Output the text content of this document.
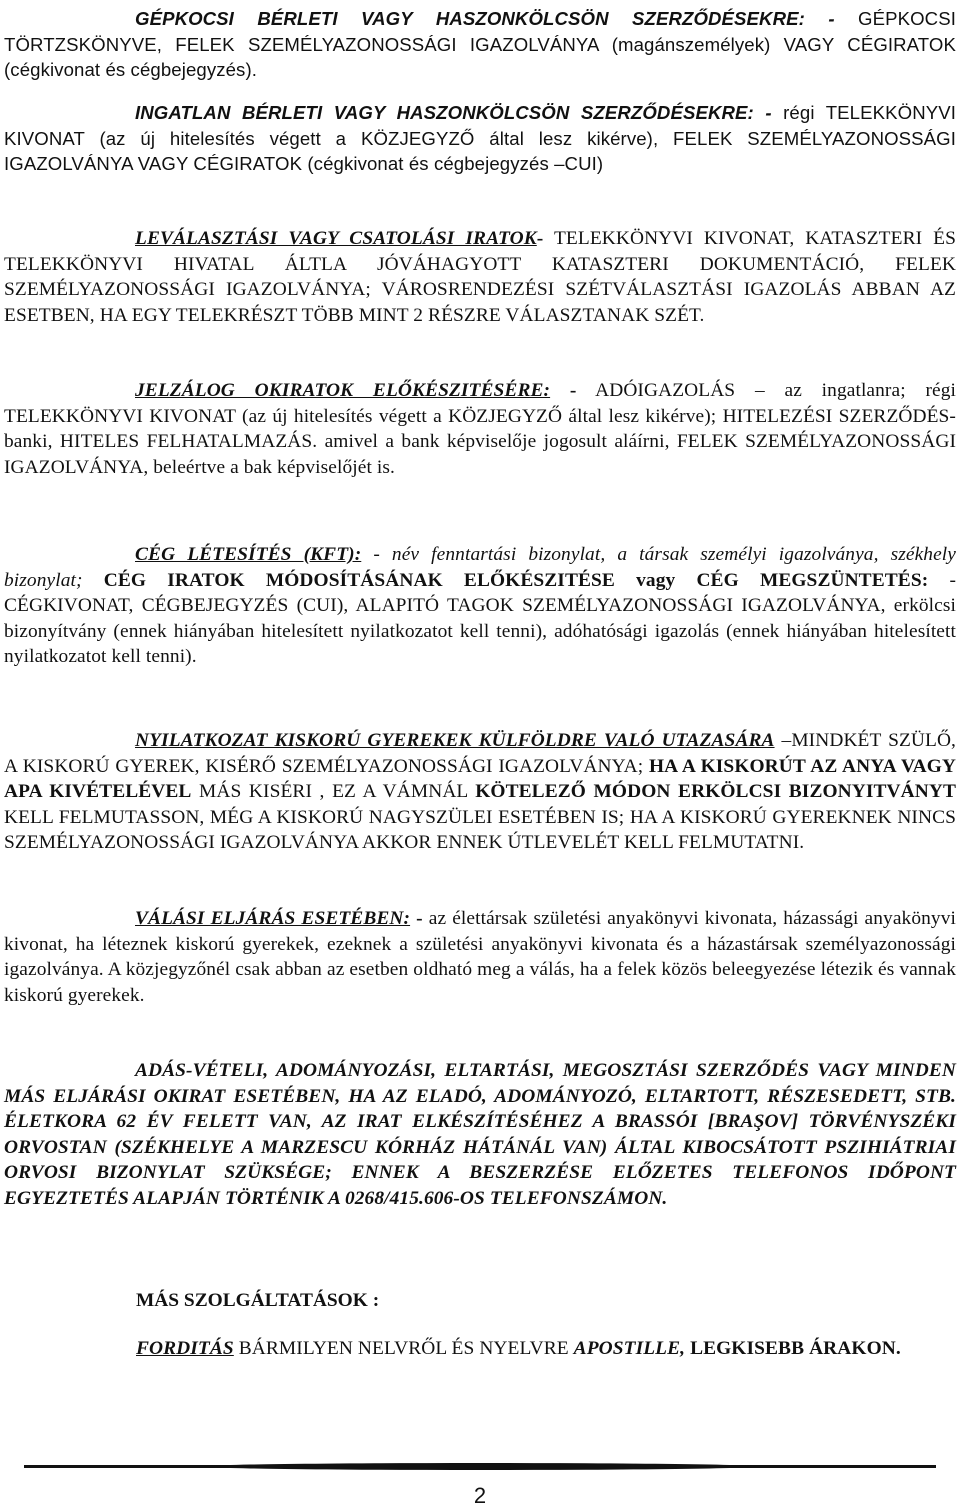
GÉPKOCSI BÉRLETI VAGY HASZONKÖLCSÖN SZERZŐDÉSEKRE: - GÉPKOCSI TÖRTZSKÖNYVE, FELEK SZEMÉLYAZONOSSÁGI IGAZOLVÁNYA (magánszemélyek) VAGY CÉGIRATOK (cégkivonat és cégbejegyzés).
INGATLAN BÉRLETI VAGY HASZONKÖLCSÖN SZERZŐDÉSEKRE: - régi TELEKKÖNYVI KIVONAT (az új hitelesítés végett a KÖZJEGYZŐ által lesz kikérve), FELEK SZEMÉLYAZONOSSÁGI IGAZOLVÁNYA VAGY CÉGIRATOK (cégkivonat és cégbejegyzés –CUI)
LEVÁLASZTÁSI VAGY CSATOLÁSI IRATOK- TELEKKÖNYVI KIVONAT, KATASZTERI ÉS TELEKKÖNYVI HIVATAL ÁLTLA JÓVÁHAGYOTT KATASZTERI DOKUMENTÁCIÓ, FELEK SZEMÉLYAZONOSSÁGI IGAZOLVÁNYA; VÁROSRENDEZÉSI SZÉTVÁLASZTÁSI IGAZOLÁS ABBAN AZ ESETBEN, HA EGY TELEKRÉSZT TÖBB MINT 2 RÉSZRE VÁLASZTANAK SZÉT.
JELZÁLOG OKIRATOK ELŐKÉSZITÉSÉRE: - ADÓIGAZOLÁS – az ingatlanra; régi TELEKKÖNYVI KIVONAT (az új hitelesítés végett a KÖZJEGYZŐ által lesz kikérve); HITELEZÉSI SZERZŐDÉS- banki, HITELES FELHATALMAZÁS. amivel a bank képviselője jogosult aláírni, FELEK SZEMÉLYAZONOSSÁGI IGAZOLVÁNYA, beleértve a bak képviselőjét is.
CÉG LÉTESÍTÉS (KFT): - név fenntartási bizonylat, a társak személyi igazolványa, székhely bizonylat; CÉG IRATOK MÓDOSÍTÁSÁNAK ELŐKÉSZITÉSE vagy CÉG MEGSZÜNTETÉS: - CÉGKIVONAT, CÉGBEJEGYZÉS (CUI), ALAPITÓ TAGOK SZEMÉLYAZONOSSÁGI IGAZOLVÁNYA, erkölcsi bizonyítvány (ennek hiányában hitelesített nyilatkozatot kell tenni), adóhatósági igazolás (ennek hiányában hitelesített nyilatkozatot kell tenni).
NYILATKOZAT KISKORÚ GYEREKEK KÜLFÖLDRE VALÓ UTAZASÁRA –MINDKÉT SZÜLŐ, A KISKORÚ GYEREK, KISÉRŐ SZEMÉLYAZONOSSÁGI IGAZOLVÁNYA; HA A KISKORÚT AZ ANYA VAGY APA KIVÉTELÉVEL MÁS KISÉRI , EZ A VÁMNÁL KÖTELEZŐ MÓDON ERKÖLCSI BIZONYITVÁNYT KELL FELMUTASSON, MÉG A KISKORÚ NAGYSZÜLEI ESETÉBEN IS; HA A KISKORÚ GYEREKNEK NINCS SZEMÉLYAZONOSSÁGI IGAZOLVÁNYA AKKOR ENNEK ÚTLEVELÉT KELL FELMUTATNI.
VÁLÁSI ELJÁRÁS ESETÉBEN: - az élettársak születési anyakönyvi kivonata, házassági anyakönyvi kivonat, ha léteznek kiskorú gyerekek, ezeknek a születési anyakönyvi kivonata és a házastársak személyazonossági igazolványa. A közjegyzőnél csak abban az esetben oldható meg a válás, ha a felek közös beleegyezése létezik és vannak kiskorú gyerekek.
ADÁS-VÉTELI, ADOMÁNYOZÁSI, ELTARTÁSI, MEGOSZTÁSI SZERZŐDÉS VAGY MINDEN MÁS ELJÁRÁSI OKIRAT ESETÉBEN, HA AZ ELADÓ, ADOMÁNYOZÓ, ELTARTOTT, RÉSZESEDETT, STB. ÉLETKORA 62 ÉV FELETT VAN, AZ IRAT ELKÉSZÍTÉSÉHEZ A BRASSÓI [BRAŞOV] TÖRVÉNYSZÉKI ORVOSTAN (SZÉKHELYE A MARZESCU KÓRHÁZ HÁTÁNÁL VAN) ÁLTAL KIBOCSÁTOTT PSZIHIÁTRIAI ORVOSI BIZONYLAT SZÜKSÉGE; ENNEK A BESZERZÉSE ELŐZETES TELEFONOS IDŐPONT EGYEZTETÉS ALAPJÁN TÖRTÉNIK A 0268/415.606-OS TELEFONSZÁMON.
MÁS SZOLGÁLTATÁSOK :
FORDITÁS BÁRMILYEN NELVRŐL ÉS NYELVRE APOSTILLE, LEGKISEBB ÁRAKON.
2
